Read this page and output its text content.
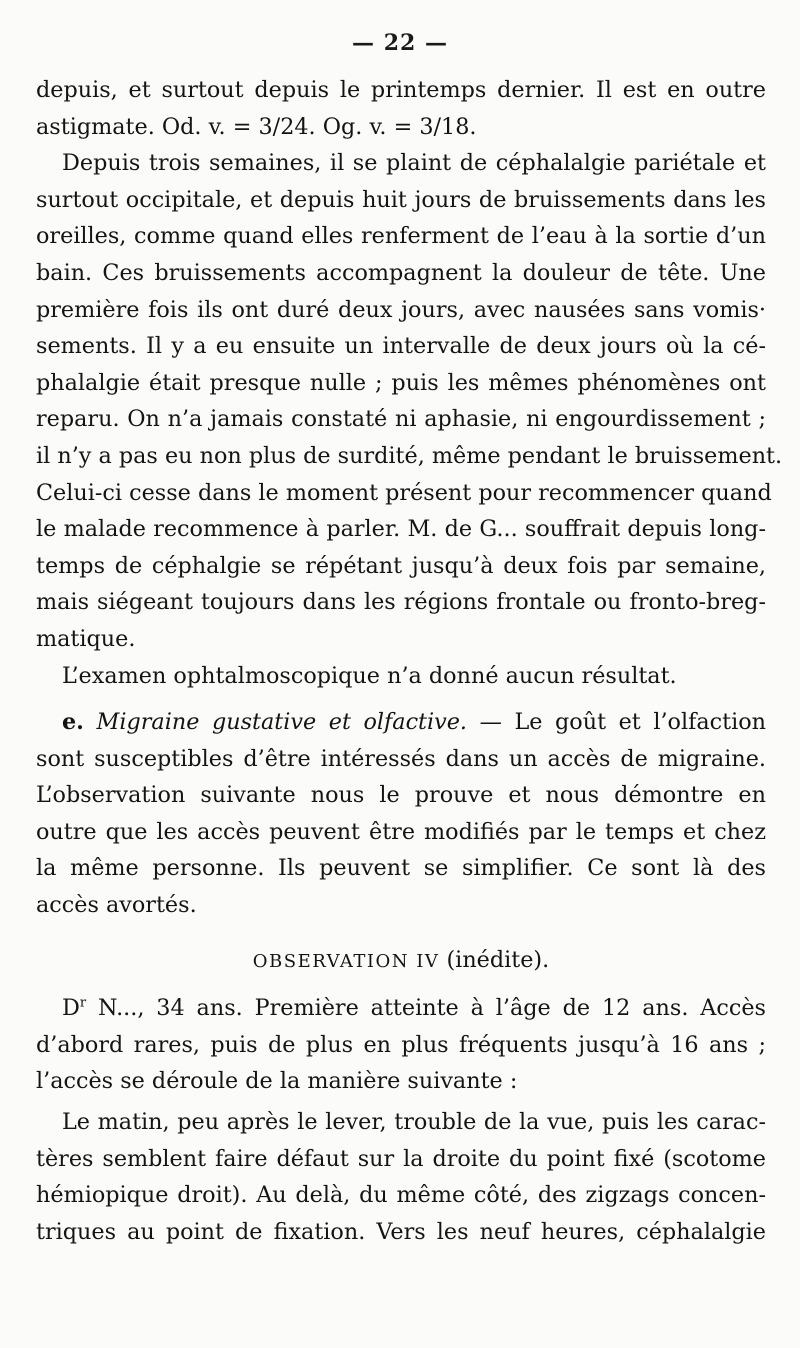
— 22 —
depuis, et surtout depuis le printemps dernier. Il est en outre
astigmate. Od. v. = 3/24. Og. v. = 3/18.
Depuis trois semaines, il se plaint de céphalalgie pariétale et
surtout occipitale, et depuis huit jours de bruissements dans les
oreilles, comme quand elles renferment de l’eau à la sortie d’un
bain. Ces bruissements accompagnent la douleur de tête. Une
première fois ils ont duré deux jours, avec nausées sans vomis·
sements. Il y a eu ensuite un intervalle de deux jours où la cé-
phalalgie était presque nulle ; puis les mêmes phénomènes ont
reparu. On n’a jamais constaté ni aphasie, ni engourdissement ;
il n’y a pas eu non plus de surdité, même pendant le bruissement.
Celui-ci cesse dans le moment présent pour recommencer quand
le malade recommence à parler. M. de G... souffrait depuis long-
temps de céphalgie se répétant jusqu’à deux fois par semaine,
mais siégeant toujours dans les régions frontale ou fronto-breg-
matique.
L’examen ophtalmoscopique n’a donné aucun résultat.
e. Migraine gustative et olfactive. — Le goût et l’olfaction
sont susceptibles d’être intéressés dans un accès de migraine.
L’observation suivante nous le prouve et nous démontre en
outre que les accès peuvent être modifiés par le temps et chez
la même personne. Ils peuvent se simplifier. Ce sont là des
accès avortés.
OBSERVATION IV (inédite).
$D^r$ N..., 34 ans. Première atteinte à l’âge de 12 ans. Accès
d’abord rares, puis de plus en plus fréquents jusqu’à 16 ans ;
l’accès se déroule de la manière suivante :
Le matin, peu après le lever, trouble de la vue, puis les carac-
tères semblent faire défaut sur la droite du point fixé (scotome
hémiopique droit). Au delà, du même côté, des zigzags concen-
triques au point de fixation. Vers les neuf heures, céphalalgie
